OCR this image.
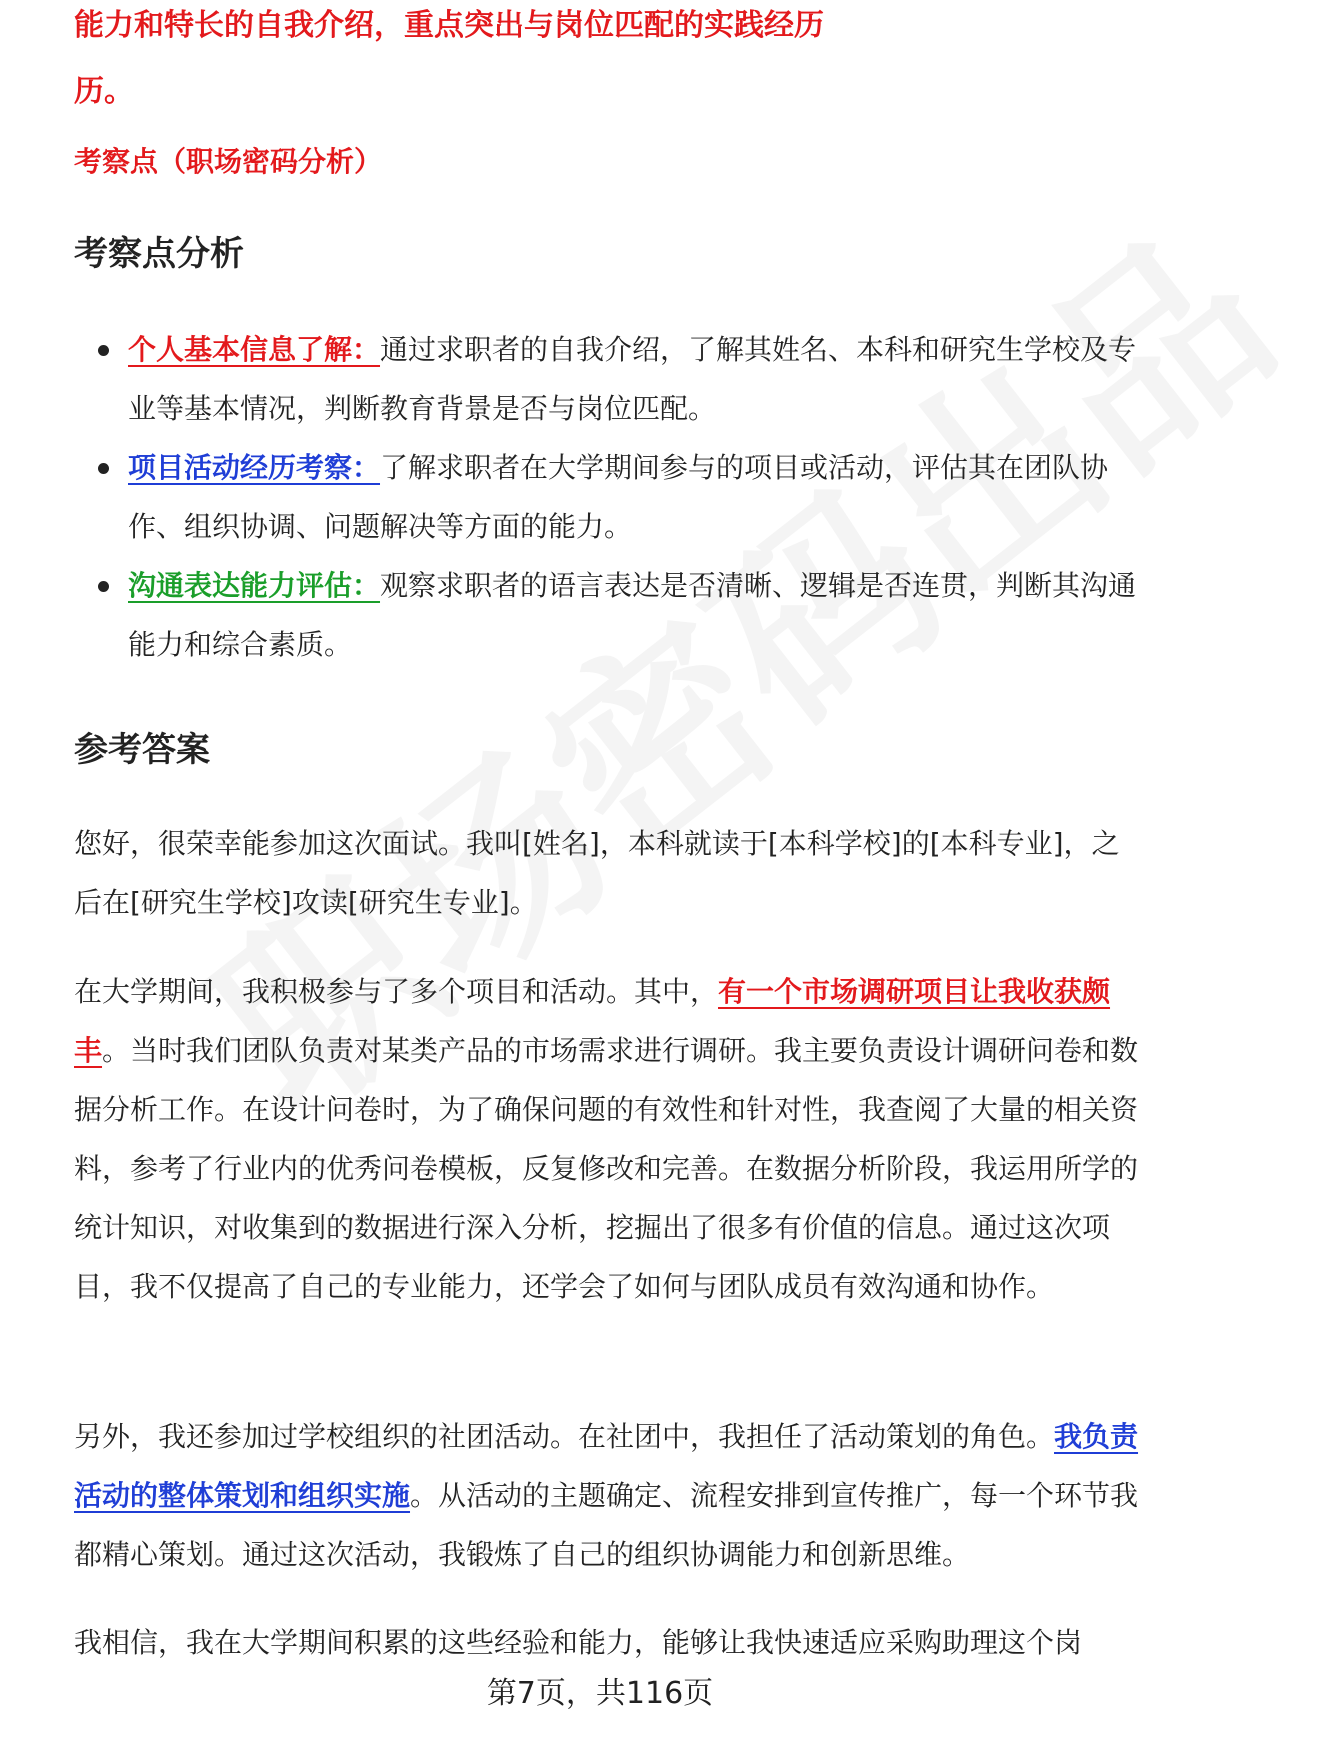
能力和特长的自我介绍，重点突出与岗位匹配的实践经历
历。
考察点（职场密码分析）
考察点分析
个人基本信息了解：通过求职者的自我介绍，了解其姓名、本科和研究生学校及专业等基本情况，判断教育背景是否与岗位匹配。
项目活动经历考察：了解求职者在大学期间参与的项目或活动，评估其在团队协作、组织协调、问题解决等方面的能力。
沟通表达能力评估：观察求职者的语言表达是否清晰、逻辑是否连贯，判断其沟通能力和综合素质。
参考答案

您好，很荣幸能参加这次面试。我叫[姓名]，本科就读于[本科学校]的[本科专业]，之后在[研究生学校]攻读[研究生专业]。

在大学期间，我积极参与了多个项目和活动。其中，有一个市场调研项目让我收获颇丰。当时我们团队负责对某类产品的市场需求进行调研。我主要负责设计调研问卷和数据分析工作。在设计问卷时，为了确保问题的有效性和针对性，我查阅了大量的相关资料，参考了行业内的优秀问卷模板，反复修改和完善。在数据分析阶段，我运用所学的统计知识，对收集到的数据进行深入分析，挖掘出了很多有价值的信息。通过这次项目，我不仅提高了自己的专业能力，还学会了如何与团队成员有效沟通和协作。

另外，我还参加过学校组织的社团活动。在社团中，我担任了活动策划的角色。我负责活动的整体策划和组织实施。从活动的主题确定、流程安排到宣传推广，每一个环节我都精心策划。通过这次活动，我锻炼了自己的组织协调能力和创新思维。

我相信，我在大学期间积累的这些经验和能力，能够让我快速适应采购助理这个岗

第7页，共116页
